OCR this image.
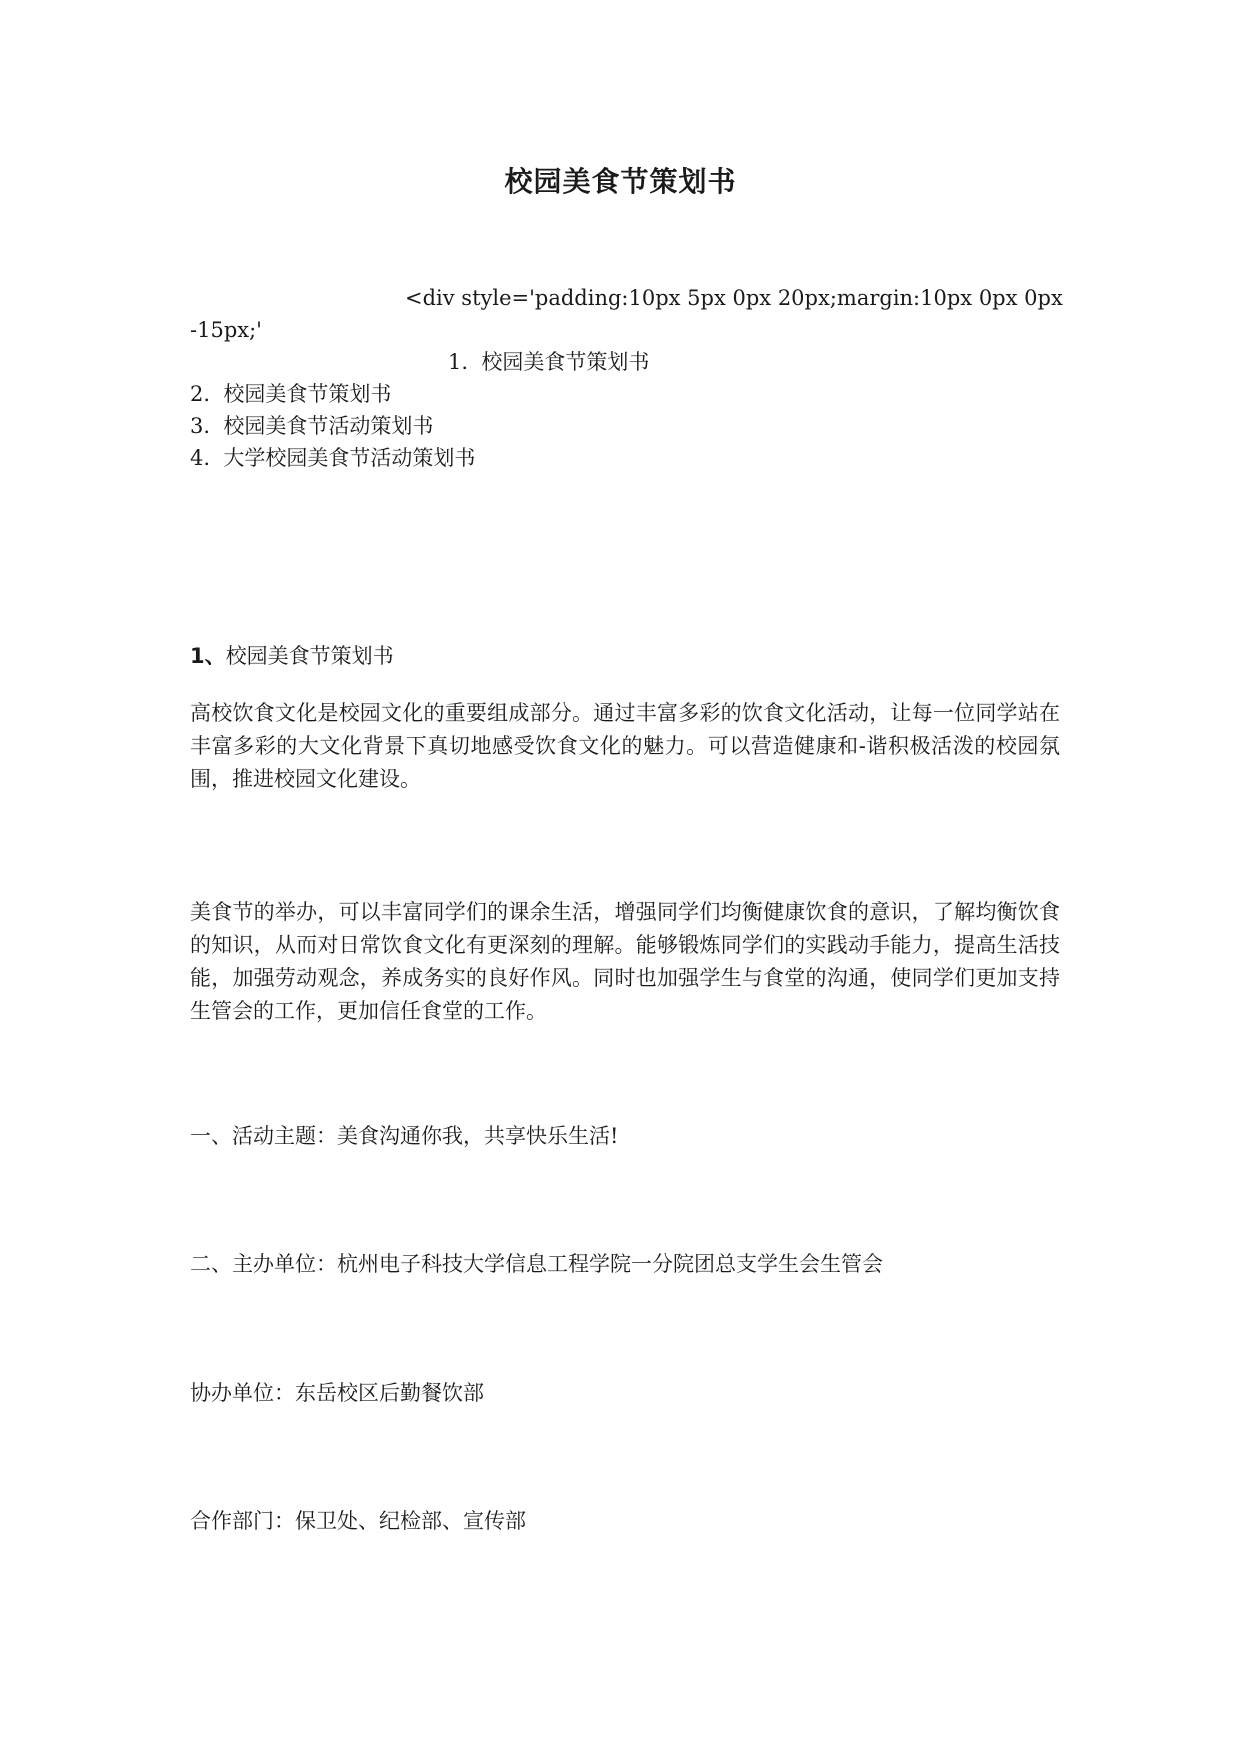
校园美食节策划书
<div style='padding:10px 5px 0px 20px;margin:10px 0px 0px
-15px;'
1. 校园美食节策划书
2. 校园美食节策划书
3. 校园美食节活动策划书
4. 大学校园美食节活动策划书
1、校园美食节策划书
高校饮食文化是校园文化的重要组成部分。通过丰富多彩的饮食文化活动，让每一位同学站在丰富多彩的大文化背景下真切地感受饮食文化的魅力。可以营造健康和-谐积极活泼的校园氛围，推进校园文化建设。
美食节的举办，可以丰富同学们的课余生活，增强同学们均衡健康饮食的意识，了解均衡饮食的知识，从而对日常饮食文化有更深刻的理解。能够锻炼同学们的实践动手能力，提高生活技能，加强劳动观念，养成务实的良好作风。同时也加强学生与食堂的沟通，使同学们更加支持生管会的工作，更加信任食堂的工作。
一、活动主题：美食沟通你我，共享快乐生活!
二、主办单位：杭州电子科技大学信息工程学院一分院团总支学生会生管会
协办单位：东岳校区后勤餐饮部
合作部门：保卫处、纪检部、宣传部
